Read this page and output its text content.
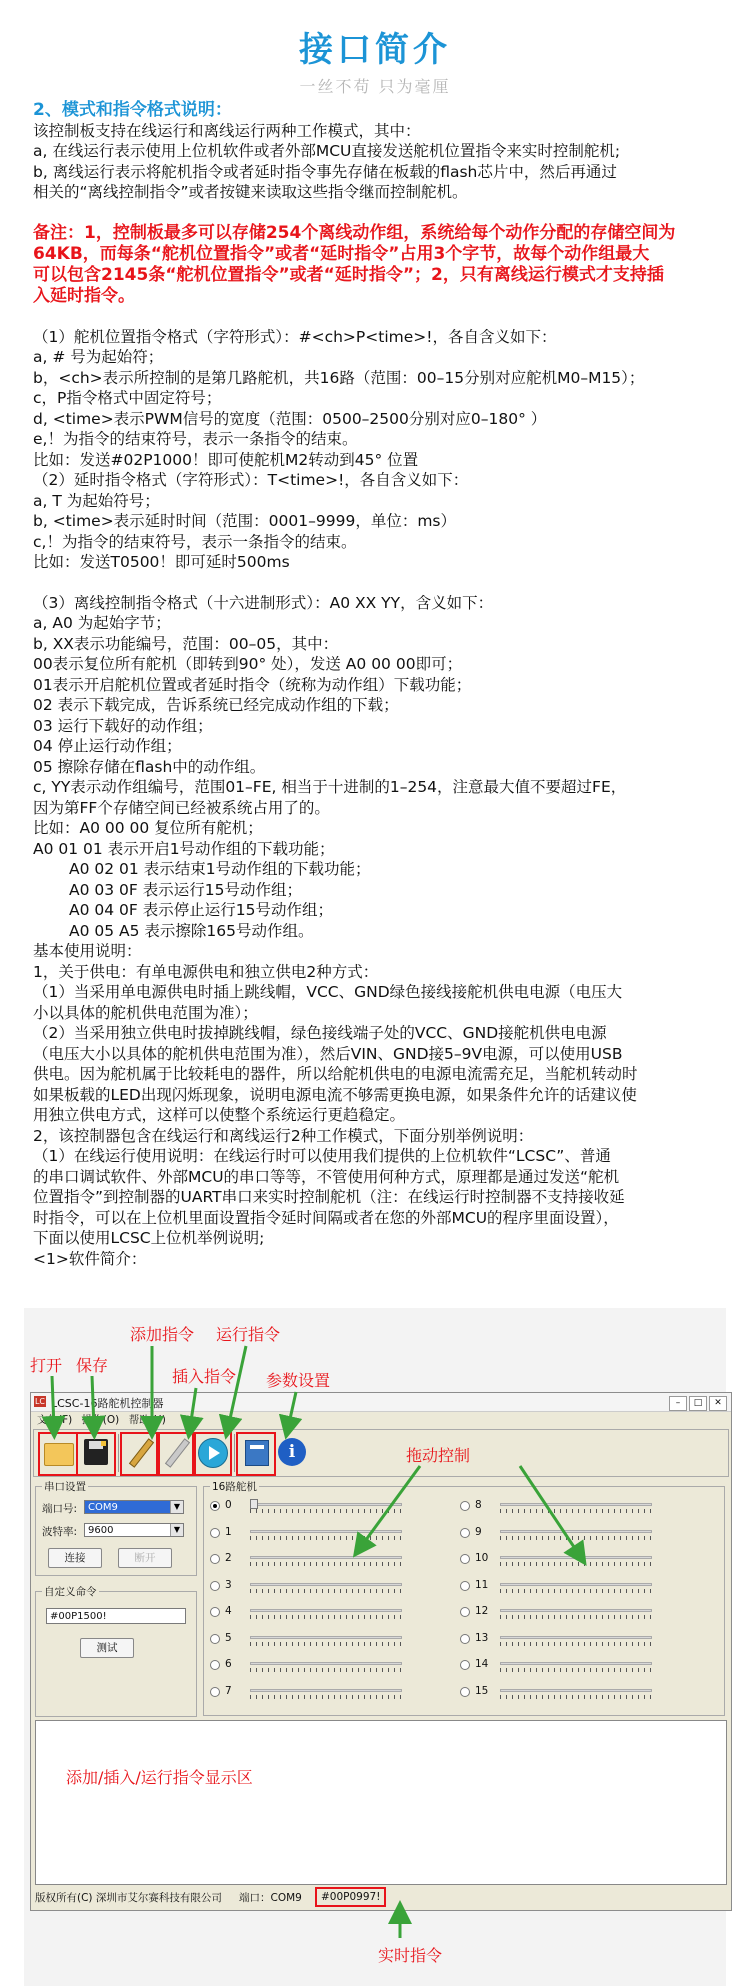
接口简介
一丝不苟 只为毫厘

2、模式和指令格式说明：

该控制板支持在线运行和离线运行两种工作模式，其中：

a, 在线运行表示使用上位机软件或者外部MCU直接发送舵机位置指令来实时控制舵机;

b, 离线运行表示将舵机指令或者延时指令事先存储在板载的flash芯片中，然后再通过

相关的“离线控制指令”或者按键来读取这些指令继而控制舵机。

备注：1，控制板最多可以存储254个离线动作组，系统给每个动作分配的存储空间为

64KB，而每条“舵机位置指令”或者“延时指令”占用3个字节，故每个动作组最大

可以包含2145条“舵机位置指令”或者“延时指令”；2，只有离线运行模式才支持插

入延时指令。

（1）舵机位置指令格式（字符形式）：#<ch>P<time>!，各自含义如下：

a, # 号为起始符；

b，<ch>表示所控制的是第几路舵机，共16路（范围：00–15分别对应舵机M0–M15）；

c，P指令格式中固定符号；

d, <time>表示PWM信号的宽度（范围：0500–2500分别对应0–180° ）

e,！为指令的结束符号，表示一条指令的结束。

比如：发送#02P1000！即可使舵机M2转动到45° 位置

（2）延时指令格式（字符形式）：T<time>!，各自含义如下：

a, T 为起始符号；

b, <time>表示延时时间（范围：0001–9999，单位：ms）

c,！为指令的结束符号，表示一条指令的结束。

比如：发送T0500！即可延时500ms

（3）离线控制指令格式（十六进制形式）：A0 XX YY，含义如下：

a, A0 为起始字节；

b, XX表示功能编号，范围：00–05，其中：

00表示复位所有舵机（即转到90° 处），发送 A0 00 00即可；

01表示开启舵机位置或者延时指令（统称为动作组）下载功能；

02 表示下载完成，告诉系统已经完成动作组的下载；

03 运行下载好的动作组；

04 停止运行动作组；

05 擦除存储在flash中的动作组。

c, YY表示动作组编号，范围01–FE, 相当于十进制的1–254，注意最大值不要超过FE，

因为第FF个存储空间已经被系统占用了的。

比如：A0 00 00 复位所有舵机；

A0 01 01 表示开启1号动作组的下载功能；

A0 02 01 表示结束1号动作组的下载功能；

A0 03 0F 表示运行15号动作组；

A0 04 0F 表示停止运行15号动作组；

A0 05 A5 表示擦除165号动作组。

基本使用说明：

1，关于供电：有单电源供电和独立供电2种方式：

（1）当采用单电源供电时插上跳线帽，VCC、GND绿色接线接舵机供电电源（电压大

小以具体的舵机供电范围为准）；

（2）当采用独立供电时拔掉跳线帽，绿色接线端子处的VCC、GND接舵机供电电源

（电压大小以具体的舵机供电范围为准），然后VIN、GND接5–9V电源，可以使用USB

供电。因为舵机属于比较耗电的器件，所以给舵机供电的电源电流需充足，当舵机转动时

如果板载的LED出现闪烁现象，说明电源电流不够需更换电源，如果条件允许的话建议使

用独立供电方式，这样可以使整个系统运行更趋稳定。

2，该控制器包含在线运行和离线运行2种工作模式，下面分别举例说明：

（1）在线运行使用说明：在线运行时可以使用我们提供的上位机软件“LCSC”、普通

的串口调试软件、外部MCU的串口等等，不管使用何种方式，原理都是通过发送“舵机

位置指令”到控制器的UART串口来实时控制舵机（注：在线运行时控制器不支持接收延

时指令，可以在上位机里面设置指令延时间隔或者在您的外部MCU的程序里面设置），

下面以使用LCSC上位机举例说明;

<1>软件简介：

添加指令 运行指令
打开 保存
插入指令 参数设置
LC LCSC-16路舵机控制器	– □ ✕
文件(F) 操作(O) 帮助(H)
i
串口设置
端口号:	COM9	▼
波特率:	9600	▼
连接	断开
自定义命令
#00P1500!
测试
16路舵机
0
1
2
3
4
5
6
7
8
9
10
11
12
13
14
15
添加/插入/运行指令显示区
版权所有(C) 深圳市艾尔赛科技有限公司 端口：COM9	#00P0997!
拖动控制
实时指令
